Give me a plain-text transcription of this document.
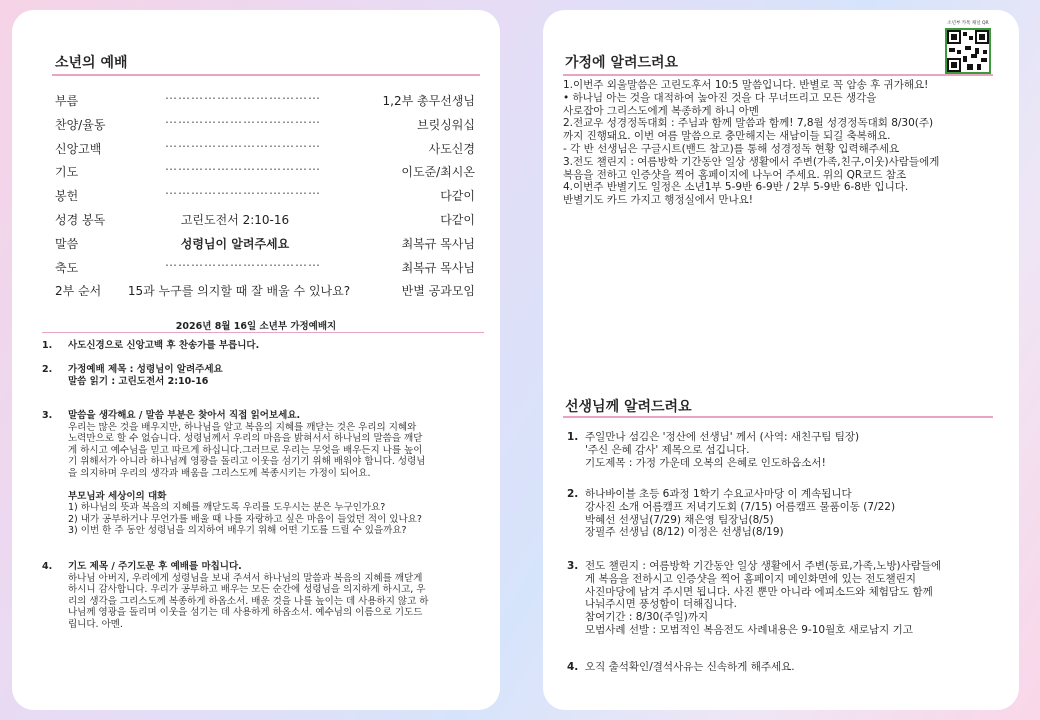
소년의 예배
부름	………………………………	1,2부 총무선생님
찬양/율동	………………………………	브릿싱워십
신앙고백	………………………………	사도신경
기도	………………………………	이도준/최시온
봉헌	………………………………	다같이
성경 봉독	고린도전서 2:10-16	다같이
말씀	성령님이 알려주세요	최복규 목사님
축도	………………………………	최복규 목사님
2부 순서	15과 누구를 의지할 때 잘 배울 수 있나요?	반별 공과모임
2026년 8월 16일 소년부 가정예배지
1. 사도신경으로 신앙고백 후 찬송가를 부릅니다.

2. 가정예배 제목 : 성령님이 알려주세요

말씀 읽기 : 고린도전서 2:10-16

3. 말씀을 생각해요 / 말씀 부분은 찾아서 직접 읽어보세요.

우리는 많은 것을 배우지만, 하나님을 알고 복음의 지혜를 깨닫는 것은 우리의 지혜와

노력만으로 할 수 없습니다. 성령님께서 우리의 마음을 밝혀서서 하나님의 말씀을 깨닫

게 하시고 예수님을 믿고 따르게 하십니다.그러므로 우리는 무엇을 배우든지 나를 높이

기 위해서가 아니라 하나님께 영광을 돌리고 이웃을 섬기기 위해 배워야 합니다. 성령님

을 의지하며 우리의 생각과 배움을 그리스도께 복종시키는 가정이 되어요.

부모님과 세상이의 대화

1) 하나님의 뜻과 복음의 지혜를 깨닫도록 우리를 도우시는 분은 누구인가요?

2) 내가 공부하거나 무언가를 배울 때 나를 자랑하고 싶은 마음이 들었던 적이 있나요?

3) 이번 한 주 동안 성령님을 의지하여 배우기 위해 어떤 기도를 드릴 수 있을까요?

4. 기도 제목 / 주기도문 후 예배를 마칩니다.

하나님 아버지, 우리에게 성령님을 보내 주셔서 하나님의 말씀과 복음의 지혜를 깨닫게

하시니 감사합니다. 우리가 공부하고 배우는 모든 순간에 성령님을 의지하게 하시고, 우

리의 생각을 그리스도께 복종하게 하옵소서. 배운 것을 나를 높이는 데 사용하지 않고 하

나님께 영광을 돌리며 이웃을 섬기는 데 사용하게 하옵소서. 예수님의 이름으로 기도드

립니다. 아멘.

소년부 카톡 채널 QR
가정에 알려드려요

1.이번주 외울말씀은 고린도후서 10:5 말씀입니다. 반별로 꼭 암송 후 귀가해요!

• 하나님 아는 것을 대적하여 높아진 것을 다 무너뜨리고 모든 생각을

사로잡아 그리스도에게 복종하게 하니 아멘

2.전교우 성경정독대회 : 주님과 함께 말씀과 함께! 7,8월 성경정독대회 8/30(주)

까지 진행돼요. 이번 여름 말씀으로 충만해지는 새남이들 되길 축복해요.

- 각 반 선생님은 구글시트(밴드 참고)를 통해 성경정독 현황 입력해주세요

3.전도 챌린지 : 여름방학 기간동안 일상 생활에서 주변(가족,친구,이웃)사람들에게

복음을 전하고 인증샷을 찍어 홈페이지에 나누어 주세요. 위의 QR코드 참조

4.이번주 반별기도 일정은 소년1부 5-9반 6-9반 / 2부 5-9반 6-8반 입니다.

반별기도 카드 가지고 행정실에서 만나요!

선생님께 알려드려요
1. 주일만나 섬김은 '정산에 선생님' 께서 (사역: 새친구팀 팀장)

'주신 은혜 감사' 제목으로 섬깁니다.

기도제목 : 가정 가운데 오복의 은혜로 인도하옵소서!

2. 하나바이블 초등 6과정 1학기 수요교사마당 이 계속됩니다

강사진 소개 어름캠프 저녁기도회 (7/15) 어름캠프 물품이동 (7/22)

박혜선 선생님(7/29) 채은영 팀장님(8/5)

장필주 선생님 (8/12) 이정은 선생님(8/19)

3. 전도 챌린지 : 여름방학 기간동안 일상 생활에서 주변(동료,가족,노방)사람들에

게 복음을 전하시고 인증샷을 찍어 홈페이지 메인화면에 있는 전도챌린지

사진마당에 남겨 주시면 됩니다. 사진 뿐만 아니라 에피소드와 체험담도 함께

나눠주시면 풍성함이 더해집니다.

참여기간 : 8/30(주일)까지

모범사례 선발 : 모범적인 복음전도 사례내용은 9-10월호 새로남지 기고

4. 오직 출석확인/결석사유는 신속하게 해주세요.
